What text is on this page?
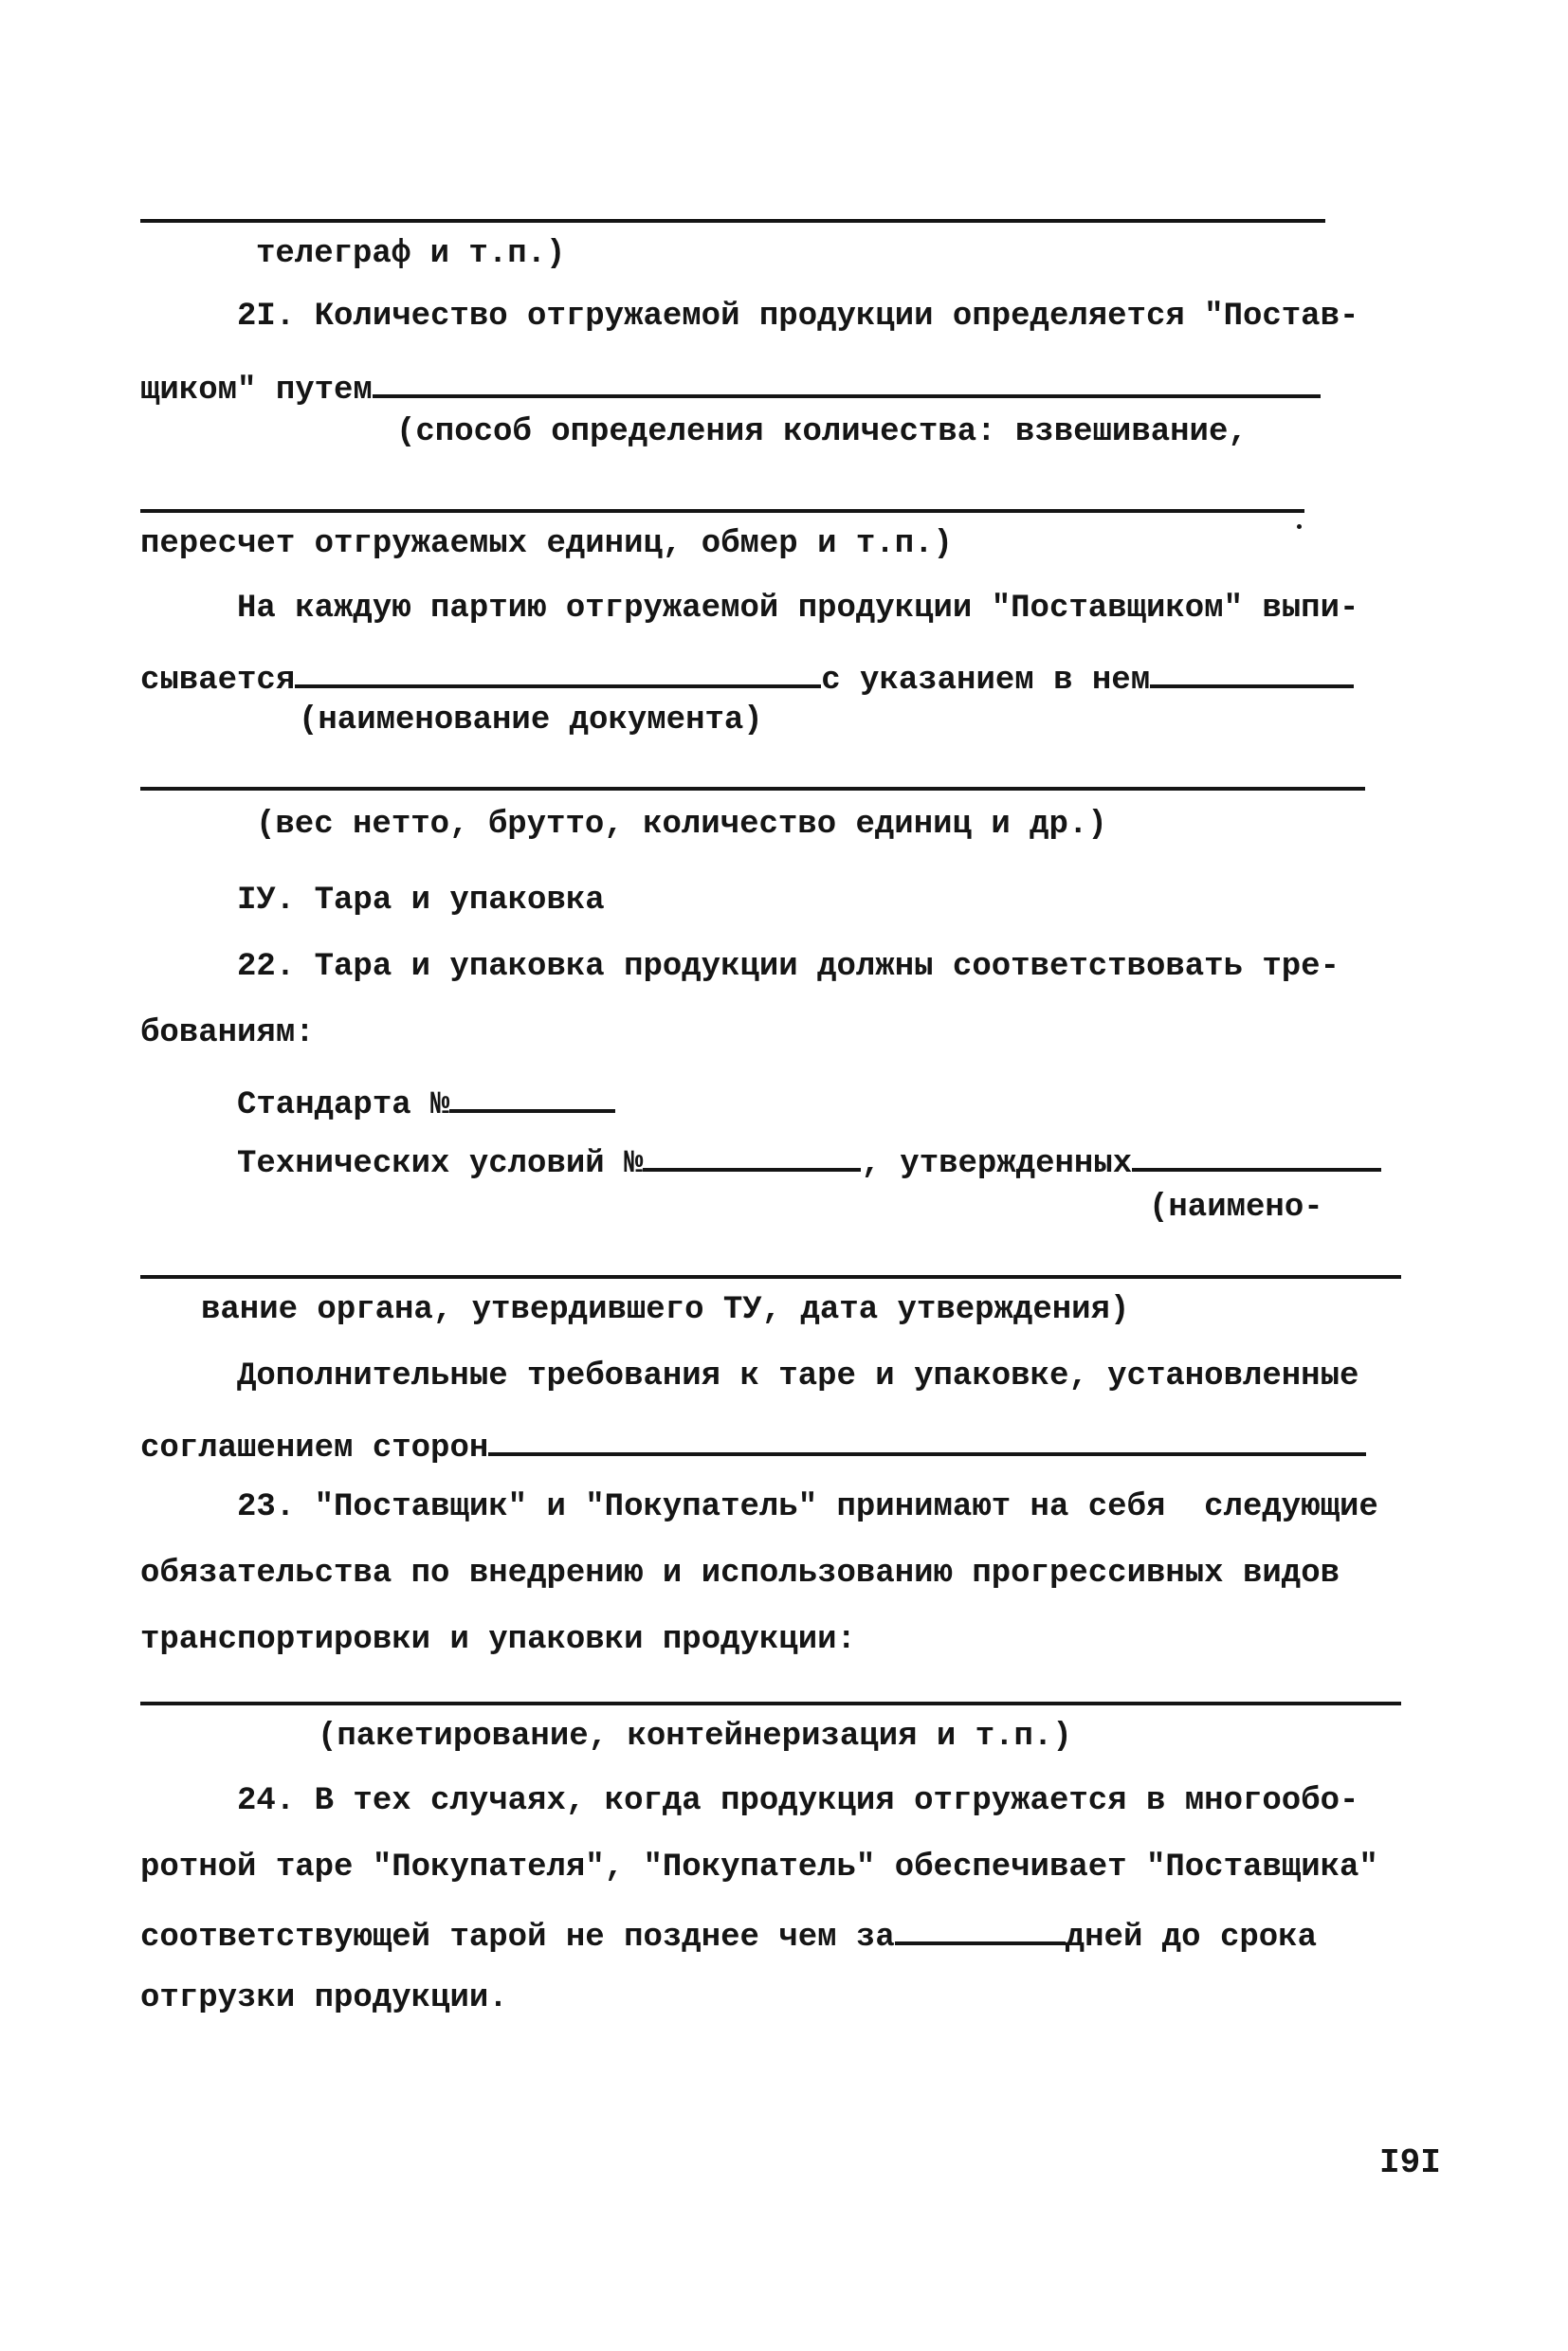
телеграф и т.п.)
2I. Количество отгружаемой продукции определяется "Постав-
щиком" путем
(способ определения количества: взвешивание,
пересчет отгружаемых единиц, обмер и т.п.)
На каждую партию отгружаемой продукции "Поставщиком" выпи-
сывается	с указанием в нем
(наименование документа)
(вес нетто, брутто, количество единиц и др.)
IУ. Тара и упаковка
22. Тара и упаковка продукции должны соответствовать тре-
бованиям:
Стандарта №
Технических условий №	, утвержденных
(наимено-
вание органа, утвердившего ТУ, дата утверждения)
Дополнительные требования к таре и упаковке, установленные
соглашением сторон
23. "Поставщик" и "Покупатель" принимают на себя  следующие
обязательства по внедрению и использованию прогрессивных видов
транспортировки и упаковки продукции:
(пакетирование, контейнеризация и т.п.)
24. В тех случаях, когда продукция отгружается в многообо-
ротной таре "Покупателя", "Покупатель" обеспечивает "Поставщика"
соответствующей тарой не позднее чем за	дней до срока
отгрузки продукции.
I9I
